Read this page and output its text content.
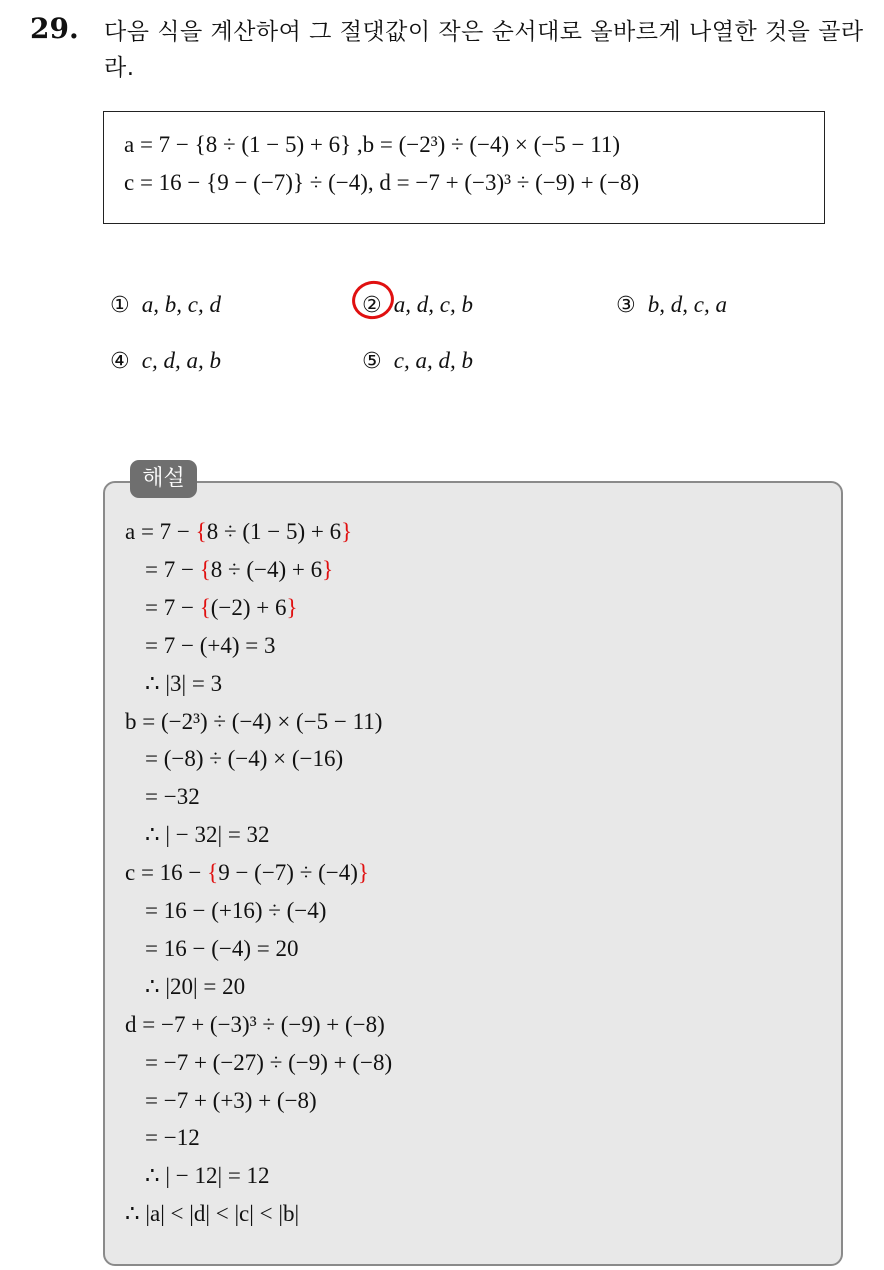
29. 다음 식을 계산하여 그 절댓값이 작은 순서대로 올바르게 나열한 것을 골라라.
a = 7 − {8 ÷ (1 − 5) + 6} ,b = (−2³) ÷ (−4) × (−5 − 11)
c = 16 − {9 − (−7)} ÷ (−4), d = −7 + (−3)³ ÷ (−9) + (−8)
① a, b, c, d	② a, d, c, b	③ b, d, c, a
④ c, d, a, b	⑤ c, a, d, b
해설
a = 7 − {8 ÷ (1 − 5) + 6}
= 7 − {8 ÷ (−4) + 6}
= 7 − {(−2) + 6}
= 7 − (+4) = 3
∴ |3| = 3
b = (−2³) ÷ (−4) × (−5 − 11)
= (−8) ÷ (−4) × (−16)
= −32
∴ | − 32| = 32
c = 16 − {9 − (−7) ÷ (−4)}
= 16 − (+16) ÷ (−4)
= 16 − (−4) = 20
∴ |20| = 20
d = −7 + (−3)³ ÷ (−9) + (−8)
= −7 + (−27) ÷ (−9) + (−8)
= −7 + (+3) + (−8)
= −12
∴ | − 12| = 12
∴ |a| < |d| < |c| < |b|
